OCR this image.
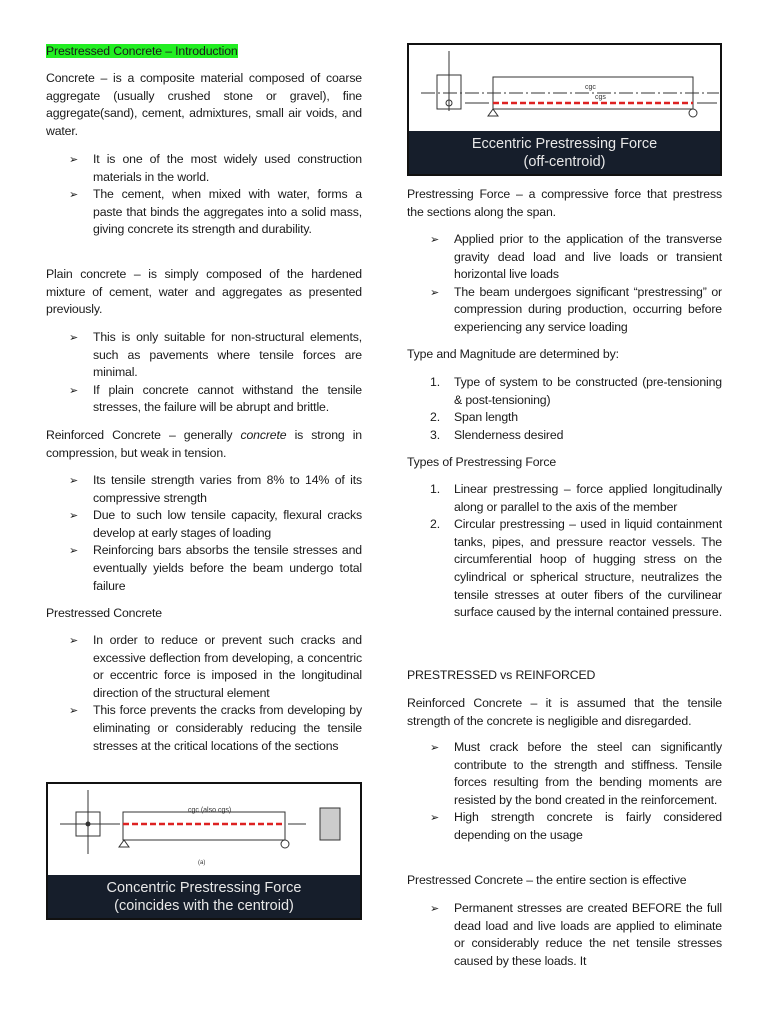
Prestressed Concrete – Introduction
Concrete – is a composite material composed of coarse aggregate (usually crushed stone or gravel), fine aggregate(sand), cement, admixtures, small air voids, and water.
➢ It is one of the most widely used construction materials in the world.
➢ The cement, when mixed with water, forms a paste that binds the aggregates into a solid mass, giving concrete its strength and durability.
Plain concrete – is simply composed of the hardened mixture of cement, water and aggregates as presented previously.
➢ This is only suitable for non-structural elements, such as pavements where tensile forces are minimal.
➢ If plain concrete cannot withstand the tensile stresses, the failure will be abrupt and brittle.
Reinforced Concrete – generally concrete is strong in compression, but weak in tension.
➢ Its tensile strength varies from 8% to 14% of its compressive strength
➢ Due to such low tensile capacity, flexural cracks develop at early stages of loading
➢ Reinforcing bars absorbs the tensile stresses and eventually yields before the beam undergo total failure
Prestressed Concrete
➢ In order to reduce or prevent such cracks and excessive deflection from developing, a concentric or eccentric force is imposed in the longitudinal direction of the structural element
➢ This force prevents the cracks from developing by eliminating or considerably reducing the tensile stresses at the critical locations of the sections
cgc (also cgs)
(a)
Concentric Prestressing Force
(coincides with the centroid)
cgc
cgs
Eccentric Prestressing Force
(off-centroid)
Prestressing Force – a compressive force that prestress the sections along the span.
➢ Applied prior to the application of the transverse gravity dead load and live loads or transient horizontal live loads
➢ The beam undergoes significant “prestressing” or compression during production, occurring before experiencing any service loading
Type and Magnitude are determined by:
1. Type of system to be constructed (pre-tensioning & post-tensioning)
2. Span length
3. Slenderness desired
Types of Prestressing Force
1. Linear prestressing – force applied longitudinally along or parallel to the axis of the member
2. Circular prestressing – used in liquid containment tanks, pipes, and pressure reactor vessels. The circumferential hoop of hugging stress on the cylindrical or spherical structure, neutralizes the tensile stresses at outer fibers of the curvilinear surface caused by the internal contained pressure.
PRESTRESSED vs REINFORCED
Reinforced Concrete – it is assumed that the tensile strength of the concrete is negligible and disregarded.
➢ Must crack before the steel can significantly contribute to the strength and stiffness. Tensile forces resulting from the bending moments are resisted by the bond created in the reinforcement.
➢ High strength concrete is fairly considered depending on the usage
Prestressed Concrete – the entire section is effective
➢ Permanent stresses are created BEFORE the full dead load and live loads are applied to eliminate or considerably reduce the net tensile stresses caused by these loads. It
